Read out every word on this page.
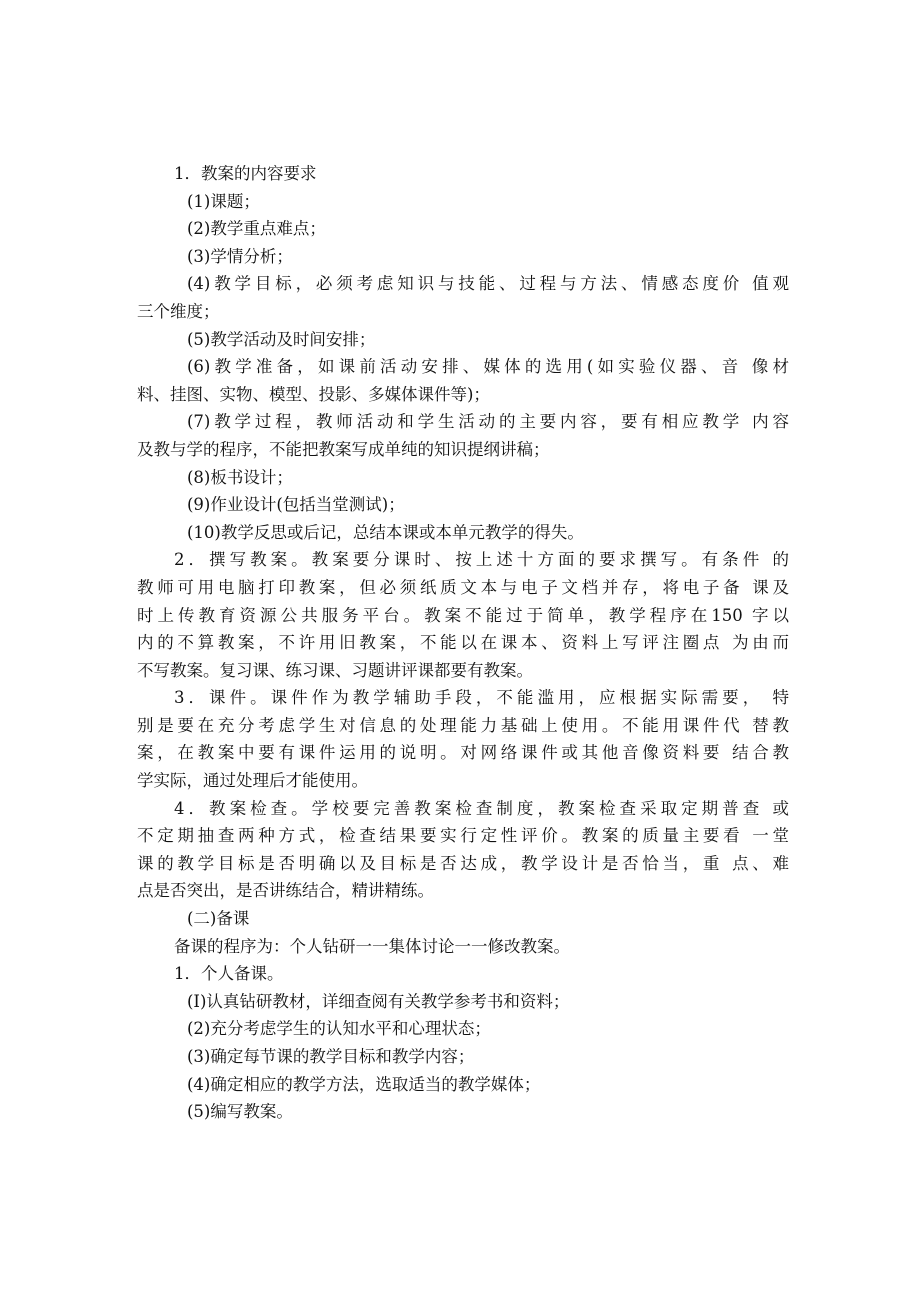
1．教案的内容要求
(1)课题；
(2)教学重点难点；
(3)学情分析；
(4)教学目标，必须考虑知识与技能、过程与方法、情感态度价 值观
三个维度；
(5)教学活动及时间安排；
(6)教学准备，如课前活动安排、媒体的选用(如实验仪器、音 像材
料、挂图、实物、模型、投影、多媒体课件等)；
(7)教学过程，教师活动和学生活动的主要内容，要有相应教学 内容
及教与学的程序，不能把教案写成单纯的知识提纲讲稿；
(8)板书设计；
(9)作业设计(包括当堂测试)；
(10)教学反思或后记，总结本课或本单元教学的得失。
2．撰写教案。教案要分课时、按上述十方面的要求撰写。有条件 的
教师可用电脑打印教案，但必须纸质文本与电子文档并存，将电子备 课及
时上传教育资源公共服务平台。教案不能过于简单，教学程序在150 字以
内的不算教案，不许用旧教案，不能以在课本、资料上写评注圈点 为由而
不写教案。复习课、练习课、习题讲评课都要有教案。
3．课件。课件作为教学辅助手段，不能滥用，应根据实际需要， 特
别是要在充分考虑学生对信息的处理能力基础上使用。不能用课件代 替教
案，在教案中要有课件运用的说明。对网络课件或其他音像资料要 结合教
学实际，通过处理后才能使用。
4．教案检查。学校要完善教案检查制度，教案检查采取定期普查 或
不定期抽查两种方式，检查结果要实行定性评价。教案的质量主要看 一堂
课的教学目标是否明确以及目标是否达成，教学设计是否恰当，重 点、难
点是否突出，是否讲练结合，精讲精练。
(二)备课
备课的程序为：个人钻研一一集体讨论一一修改教案。
1．个人备课。
(I)认真钻研教材，详细查阅有关教学参考书和资料；
(2)充分考虑学生的认知水平和心理状态；
(3)确定每节课的教学目标和教学内容；
(4)确定相应的教学方法，选取适当的教学媒体；
(5)编写教案。
